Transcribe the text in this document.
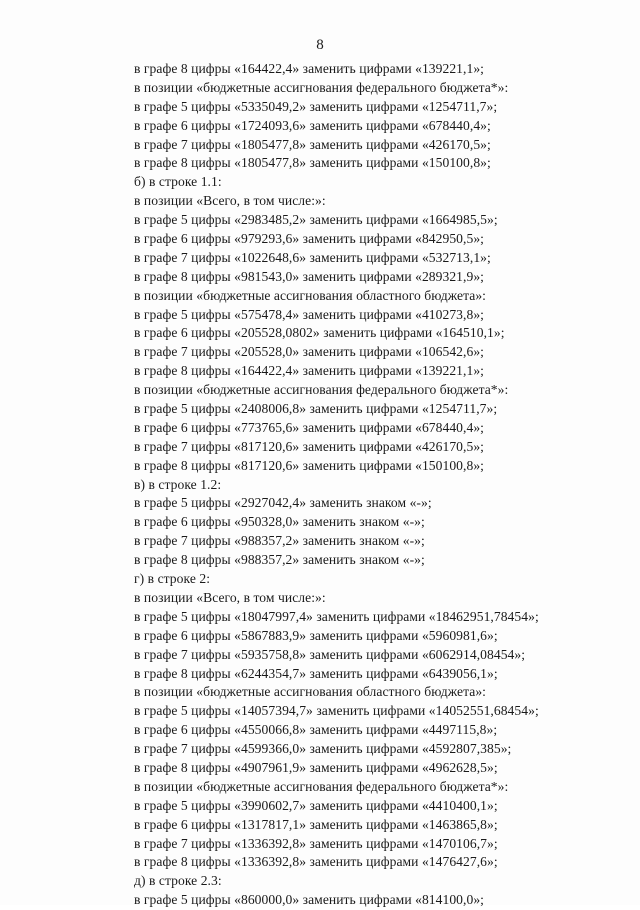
8
в графе 8 цифры «164422,4» заменить цифрами «139221,1»;
в позиции «бюджетные ассигнования федерального бюджета*»:
в графе 5 цифры «5335049,2» заменить цифрами «1254711,7»;
в графе 6 цифры «1724093,6» заменить цифрами «678440,4»;
в графе 7 цифры «1805477,8» заменить цифрами «426170,5»;
в графе 8 цифры «1805477,8» заменить цифрами «150100,8»;
б) в строке 1.1:
в позиции «Всего, в том числе:»:
в графе 5 цифры «2983485,2» заменить цифрами «1664985,5»;
в графе 6 цифры «979293,6» заменить цифрами «842950,5»;
в графе 7 цифры «1022648,6» заменить цифрами «532713,1»;
в графе 8 цифры «981543,0» заменить цифрами «289321,9»;
в позиции «бюджетные ассигнования областного бюджета»:
в графе 5 цифры «575478,4» заменить цифрами «410273,8»;
в графе 6 цифры «205528,0802» заменить цифрами «164510,1»;
в графе 7 цифры «205528,0» заменить цифрами «106542,6»;
в графе 8 цифры «164422,4» заменить цифрами «139221,1»;
в позиции «бюджетные ассигнования федерального бюджета*»:
в графе 5 цифры «2408006,8» заменить цифрами «1254711,7»;
в графе 6 цифры «773765,6» заменить цифрами «678440,4»;
в графе 7 цифры «817120,6» заменить цифрами «426170,5»;
в графе 8 цифры «817120,6» заменить цифрами «150100,8»;
в) в строке 1.2:
в графе 5 цифры «2927042,4» заменить знаком «-»;
в графе 6 цифры «950328,0» заменить знаком «-»;
в графе 7 цифры «988357,2» заменить знаком «-»;
в графе 8 цифры «988357,2» заменить знаком «-»;
г) в строке 2:
в позиции «Всего, в том числе:»:
в графе 5 цифры «18047997,4» заменить цифрами «18462951,78454»;
в графе 6 цифры «5867883,9» заменить цифрами «5960981,6»;
в графе 7 цифры «5935758,8» заменить цифрами «6062914,08454»;
в графе 8 цифры «6244354,7» заменить цифрами «6439056,1»;
в позиции «бюджетные ассигнования областного бюджета»:
в графе 5 цифры «14057394,7» заменить цифрами «14052551,68454»;
в графе 6 цифры «4550066,8» заменить цифрами «4497115,8»;
в графе 7 цифры «4599366,0» заменить цифрами «4592807,385»;
в графе 8 цифры «4907961,9» заменить цифрами «4962628,5»;
в позиции «бюджетные ассигнования федерального бюджета*»:
в графе 5 цифры «3990602,7» заменить цифрами «4410400,1»;
в графе 6 цифры «1317817,1» заменить цифрами «1463865,8»;
в графе 7 цифры «1336392,8» заменить цифрами «1470106,7»;
в графе 8 цифры «1336392,8» заменить цифрами «1476427,6»;
д) в строке 2.3:
в графе 5 цифры «860000,0» заменить цифрами «814100,0»;
